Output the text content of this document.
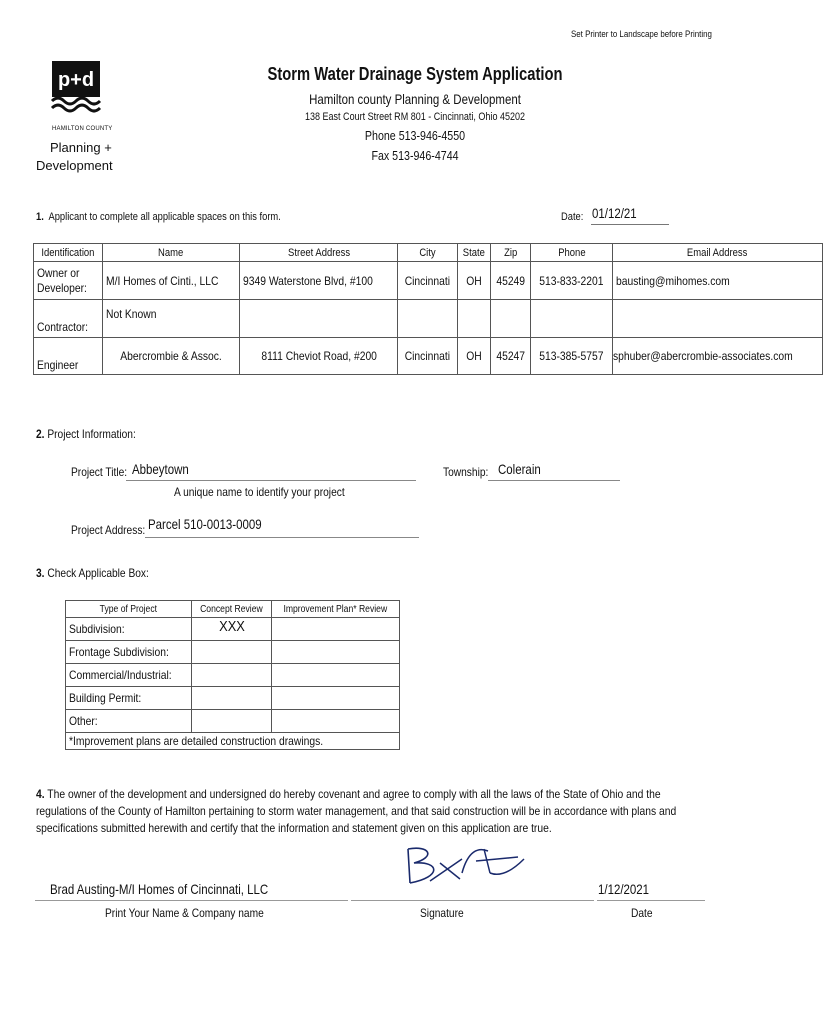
Set Printer to Landscape before Printing
p+d
HAMILTON COUNTY
Planning +
Development
Storm Water Drainage System Application
Hamilton county Planning & Development
138 East Court Street RM 801 - Cincinnati, Ohio 45202
Phone 513-946-4550
Fax 513-946-4744
1. Applicant to complete all applicable spaces on this form.	Date: 01/12/21
Identification	Name	Street Address	City	State	Zip	Phone	Email Address
Owner or
Developer:	M/I Homes of Cinti., LLC	9349 Waterstone Blvd, #100	Cincinnati	OH	45249	513-833-2201	bausting@mihomes.com
Contractor:	Not Known						
Engineer	Abercrombie & Assoc.	8111 Cheviot Road, #200	Cincinnati	OH	45247	513-385-5757	sphuber@abercrombie-associates.com
2. Project Information:
Project Title: Abbeytown
A unique name to identify your project
Township: Colerain
Project Address: Parcel 510-0013-0009
3. Check Applicable Box:
Type of Project	Concept Review	Improvement Plan* Review
Subdivision:	XXX	
Frontage Subdivision:		
Commercial/Industrial:		
Building Permit:		
Other:		
*Improvement plans are detailed construction drawings.		
4. The owner of the development and undersigned do hereby covenant and agree to comply with all the laws of the State of Ohio and the regulations of the County of Hamilton pertaining to storm water management, and that said construction will be in accordance with plans and specifications submitted herewith and certify that the information and statement given on this application are true.
Brad Austing-M/I Homes of Cincinnati, LLC	1/12/2021
Print Your Name & Company name	Signature	Date
